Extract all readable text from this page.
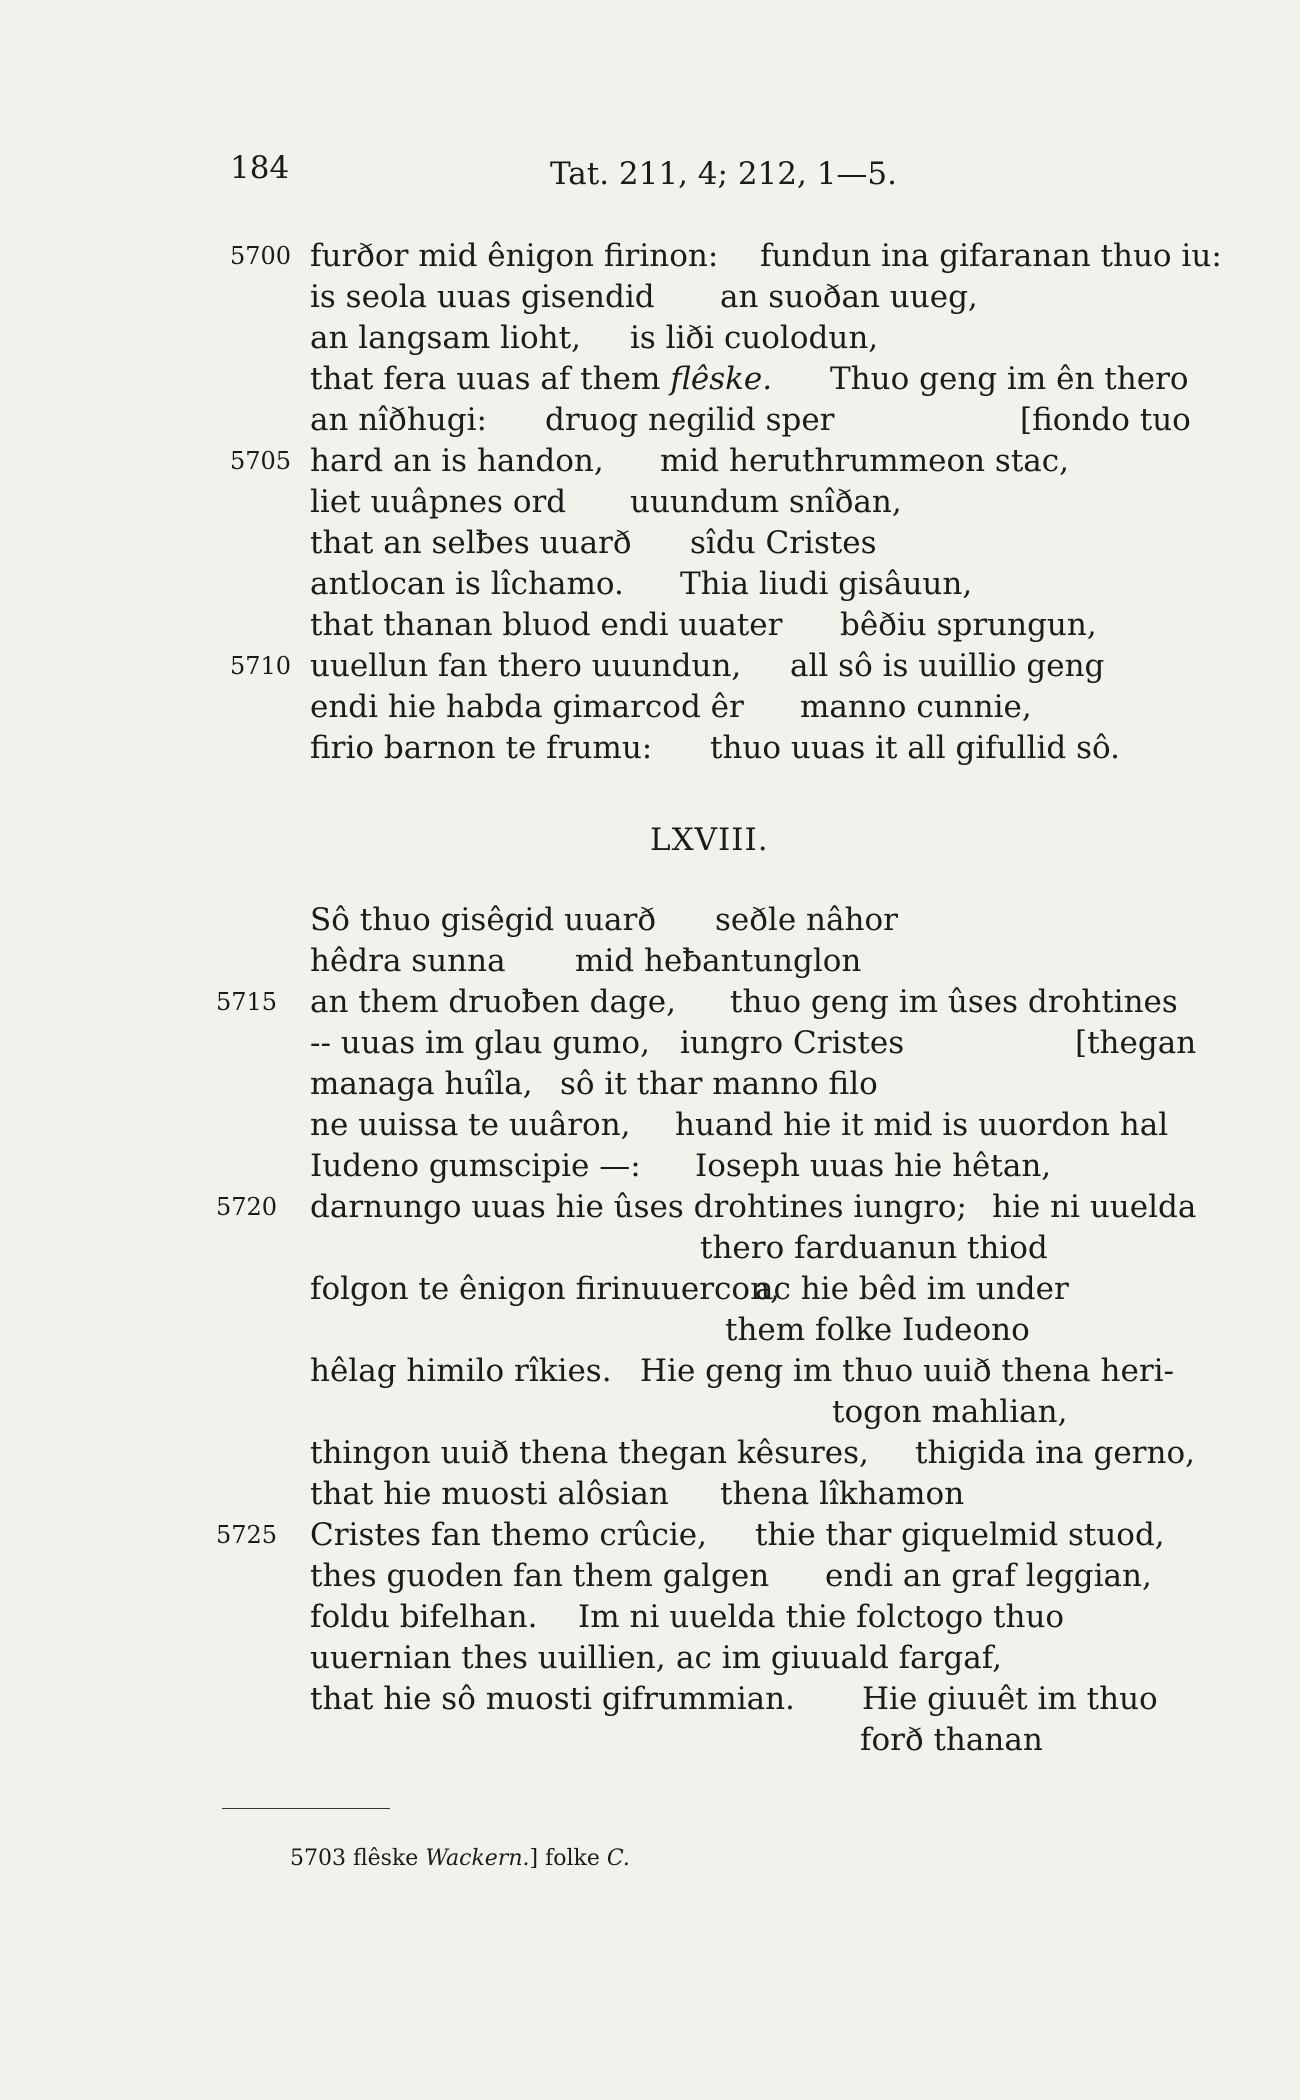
184	Tat. 211, 4; 212, 1—5.
5700 furðor mid ênigon firinon: fundun ina gifaranan thuo iu:
is seola uuas gisendid an suoðan uueg,
an langsam lioht, is liði cuolodun,
that fera uuas af them flêske. Thuo geng im ên thero
an nîðhugi: druog negilid sper	[fiondo tuo
5705 hard an is handon, mid heruthrummeon stac,
liet uuâpnes ord uuundum snîðan,
that an selƀes uuarð sîdu Cristes
antlocan is lîchamo. Thia liudi gisâuun,
that thanan bluod endi uuater bêðiu sprungun,
5710 uuellun fan thero uuundun, all sô is uuillio geng
endi hie habda gimarcod êr manno cunnie,
firio barnon te frumu: thuo uuas it all gifullid sô.
LXVIII.
Sô thuo gisêgid uuarð seðle nâhor
hêdra sunna mid heƀantunglon
5715 an them druoƀen dage, thuo geng im ûses drohtines
-- uuas im glau gumo, iungro Cristes	[thegan
managa huîla, sô it thar manno filo
ne uuissa te uuâron, huand hie it mid is uuordon hal
Iudeno gumscipie —: Ioseph uuas hie hêtan,
5720 darnungo uuas hie ûses drohtines iungro; hie ni uuelda
thero farduanun thiod
folgon te ênigon firinuuercon,
ac hie bêd im under
them folke Iudeono
hêlag himilo rîkies. Hie geng im thuo uuið thena heri-
togon mahlian,
thingon uuið thena thegan kêsures, thigida ina gerno,
that hie muosti alôsian thena lîkhamon
5725 Cristes fan themo crûcie, thie thar giquelmid stuod,
thes guoden fan them galgen endi an graf leggian,
foldu bifelhan. Im ni uuelda thie folctogo thuo
uuernian thes uuillien, ac im giuuald fargaf,
that hie sô muosti gifrummian. Hie giuuêt im thuo
forð thanan
5703 flêske Wackern.] folke C.
